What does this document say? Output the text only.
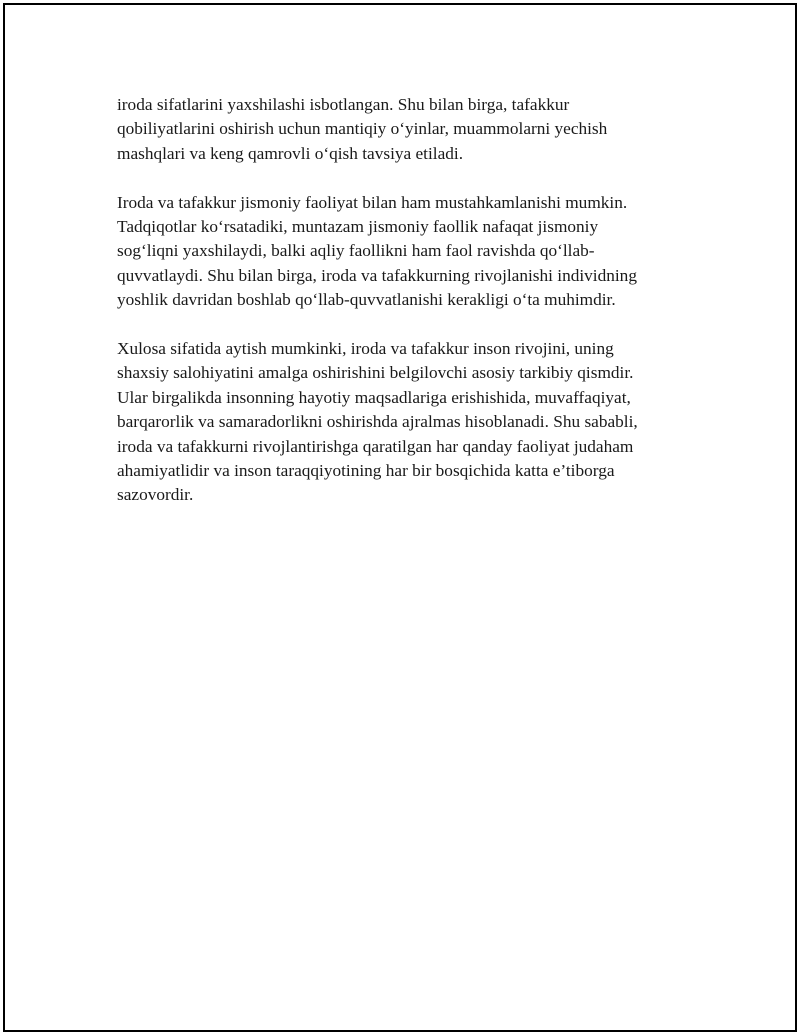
iroda sifatlarini yaxshilashi isbotlangan. Shu bilan birga, tafakkur
qobiliyatlarini oshirish uchun mantiqiy o‘yinlar, muammolarni yechish
mashqlari va keng qamrovli o‘qish tavsiya etiladi.

Iroda va tafakkur jismoniy faoliyat bilan ham mustahkamlanishi mumkin.
Tadqiqotlar ko‘rsatadiki, muntazam jismoniy faollik nafaqat jismoniy
sog‘liqni yaxshilaydi, balki aqliy faollikni ham faol ravishda qo‘llab-
quvvatlaydi. Shu bilan birga, iroda va tafakkurning rivojlanishi individning
yoshlik davridan boshlab qo‘llab-quvvatlanishi kerakligi o‘ta muhimdir.

Xulosa sifatida aytish mumkinki, iroda va tafakkur inson rivojini, uning
shaxsiy salohiyatini amalga oshirishini belgilovchi asosiy tarkibiy qismdir.
Ular birgalikda insonning hayotiy maqsadlariga erishishida, muvaffaqiyat,
barqarorlik va samaradorlikni oshirishda ajralmas hisoblanadi. Shu sababli,
iroda va tafakkurni rivojlantirishga qaratilgan har qanday faoliyat judaham
ahamiyatlidir va inson taraqqiyotining har bir bosqichida katta e’tiborga
sazovordir.
